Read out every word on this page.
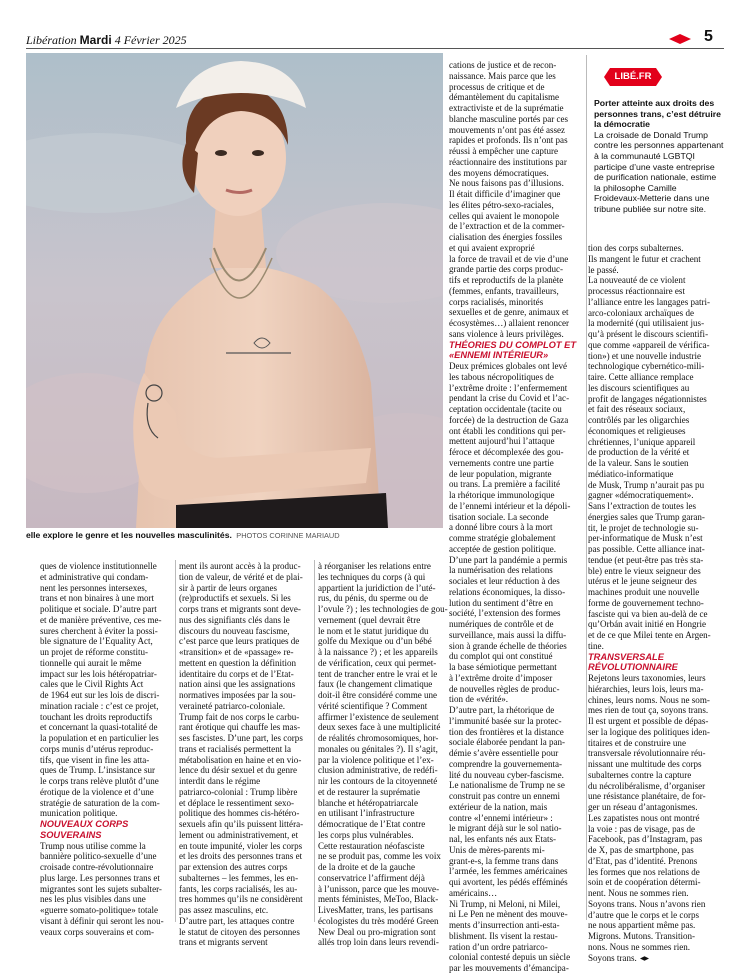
Libération Mardi 4 Février 2025	5
elle explore le genre et les nouvelles masculinités. PHOTOS CORINNE MARIAUD

ques de violence institutionnelle

et administrative qui condam-

nent les personnes intersexes,

trans et non binaires à une mort

politique et sociale. D’autre part

et de manière préventive, ces me-

sures cherchent à éviter la possi-

ble signature de l’Equality Act,

un projet de réforme constitu-

tionnelle qui aurait le même

impact sur les lois hétéropatriar-

cales que le Civil Rights Act

de 1964 eut sur les lois de discri-

mination raciale : c’est ce projet,

touchant les droits reproductifs

et concernant la quasi-totalité de

la population et en particulier les

corps munis d’utérus reproduc-

tifs, que visent in fine les atta-

ques de Trump. L’insistance sur

le corps trans relève plutôt d’une

érotique de la violence et d’une

stratégie de saturation de la com-

munication politique.

NOUVEAUX CORPS SOUVERAINS

Trump nous utilise comme la

bannière politico-sexuelle d’une

croisade contre-révolutionnaire

plus large. Les personnes trans et

migrantes sont les sujets subalter-

nes les plus visibles dans une

«guerre somato-politique» totale

visant à définir qui seront les nou-

veaux corps souverains et com-

ment ils auront accès à la produc-

tion de valeur, de vérité et de plai-

sir à partir de leurs organes

(re)productifs et sexuels. Si les

corps trans et migrants sont deve-

nus des signifiants clés dans le

discours du nouveau fascisme,

c’est parce que leurs pratiques de

«transition» et de «passage» re-

mettent en question la définition

identitaire du corps et de l’Etat-

nation ainsi que les assignations

normatives imposées par la sou-

veraineté patriarco-coloniale.

Trump fait de nos corps le carbu-

rant érotique qui chauffe les mas-

ses fascistes. D’une part, les corps

trans et racialisés permettent la

métabolisation en haine et en vio-

lence du désir sexuel et du genre

interdit dans le régime

patriarco-colonial : Trump libère

et déplace le ressentiment sexo-

politique des hommes cis-hétéro-

sexuels afin qu’ils puissent littéra-

lement ou administrativement, et

en toute impunité, violer les corps

et les droits des personnes trans et

par extension des autres corps

subalternes – les femmes, les en-

fants, les corps racialisés, les au-

tres hommes qu’ils ne considèrent

pas assez masculins, etc.

D’autre part, les attaques contre

le statut de citoyen des personnes

trans et migrants servent

à réorganiser les relations entre

les techniques du corps (à qui

appartient la juridiction de l’uté-

rus, du pénis, du sperme ou de

l’ovule ?) ; les technologies de gou-

vernement (quel devrait être

le nom et le statut juridique du

golfe du Mexique ou d’un bébé

à la naissance ?) ; et les appareils

de vérification, ceux qui permet-

tent de trancher entre le vrai et le

faux (le changement climatique

doit-il être considéré comme une

vérité scientifique ? Comment

affirmer l’existence de seulement

deux sexes face à une multiplicité

de réalités chromosomiques, hor-

monales ou génitales ?). Il s’agit,

par la violence politique et l’ex-

clusion administrative, de redéfi-

nir les contours de la citoyenneté

et de restaurer la suprématie

blanche et hétéropatriarcale

en utilisant l’infrastructure

démocratique de l’Etat contre

les corps plus vulnérables.

Cette restauration néofasciste

ne se produit pas, comme les voix

de la droite et de la gauche

conservatrice l’affirment déjà

à l’unisson, parce que les mouve-

ments féministes, MeToo, Black-

LivesMatter, trans, les partisans

écologistes du très modéré Green

New Deal ou pro-migration sont

allés trop loin dans leurs revendi-

cations de justice et de recon-

naissance. Mais parce que les

processus de critique et de

démantèlement du capitalisme

extractiviste et de la suprématie

blanche masculine portés par ces

mouvements n’ont pas été assez

rapides et profonds. Ils n’ont pas

réussi à empêcher une capture

réactionnaire des institutions par

des moyens démocratiques.

Ne nous faisons pas d’illusions.

Il était difficile d’imaginer que

les élites pétro-sexo-raciales,

celles qui avaient le monopole

de l’extraction et de la commer-

cialisation des énergies fossiles

et qui avaient exproprié

la force de travail et de vie d’une

grande partie des corps produc-

tifs et reproductifs de la planète

(femmes, enfants, travailleurs,

corps racialisés, minorités

sexuelles et de genre, animaux et

écosystèmes…) allaient renoncer

sans violence à leurs privilèges.

THÉORIES DU COMPLOT ET «ENNEMI INTÉRIEUR»

Deux prémices globales ont levé

les tabous nécropolitiques de

l’extrême droite : l’enfermement

pendant la crise du Covid et l’ac-

ceptation occidentale (tacite ou

forcée) de la destruction de Gaza

ont établi les conditions qui per-

mettent aujourd’hui l’attaque

féroce et décomplexée des gou-

vernements contre une partie

de leur population, migrante

ou trans. La première a facilité

la rhétorique immunologique

de l’ennemi intérieur et la dépoli-

tisation sociale. La seconde

a donné libre cours à la mort

comme stratégie globalement

acceptée de gestion politique.

D’une part la pandémie a permis

la numérisation des relations

sociales et leur réduction à des

relations économiques, la disso-

lution du sentiment d’être en

société, l’extension des formes

numériques de contrôle et de

surveillance, mais aussi la diffu-

sion à grande échelle de théories

du complot qui ont constitué

la base sémiotique permettant

à l’extrême droite d’imposer

de nouvelles règles de produc-

tion de «vérité».

D’autre part, la rhétorique de

l’immunité basée sur la protec-

tion des frontières et la distance

sociale élaborée pendant la pan-

démie s’avère essentielle pour

comprendre la gouvernementa-

lité du nouveau cyber-fascisme.

Le nationalisme de Trump ne se

construit pas contre un ennemi

extérieur de la nation, mais

contre «l’ennemi intérieur» :

le migrant déjà sur le sol natio-

nal, les enfants nés aux Etats-

Unis de mères-parents mi-

grant-e-s, la femme trans dans

l’armée, les femmes américaines

qui avortent, les pédés efféminés

américains…

Ni Trump, ni Meloni, ni Milei,

ni Le Pen ne mènent des mouve-

ments d’insurrection anti-esta-

blishment. Ils visent la restau-

ration d’un ordre patriarco-

colonial contesté depuis un siècle

par les mouvements d’émancipa-

tion des corps subalternes.

Ils mangent le futur et crachent

le passé.

La nouveauté de ce violent

processus réactionnaire est

l’alliance entre les langages patri-

arco-coloniaux archaïques de

la modernité (qui utilisaient jus-

qu’à présent le discours scientifi-

que comme «appareil de vérifica-

tion») et une nouvelle industrie

technologique cybernético-mili-

taire. Cette alliance remplace

les discours scientifiques au

profit de langages négationnistes

et fait des réseaux sociaux,

contrôlés par les oligarchies

économiques et religieuses

chrétiennes, l’unique appareil

de production de la vérité et

de la valeur. Sans le soutien

médiatico-informatique

de Musk, Trump n’aurait pas pu

gagner «démocratiquement».

Sans l’extraction de toutes les

énergies sales que Trump garan-

tit, le projet de technologie su-

per-informatique de Musk n’est

pas possible. Cette alliance inat-

tendue (et peut-être pas très sta-

ble) entre le vieux seigneur des

utérus et le jeune seigneur des

machines produit une nouvelle

forme de gouvernement techno-

fasciste qui va bien au-delà de ce

qu’Orbán avait initié en Hongrie

et de ce que Milei tente en Argen-

tine.

TRANSVERSALE RÉVOLUTIONNAIRE

Rejetons leurs taxonomies, leurs

hiérarchies, leurs lois, leurs ma-

chines, leurs noms. Nous ne som-

mes rien de tout ça, soyons trans.

Il est urgent et possible de dépas-

ser la logique des politiques iden-

titaires et de construire une

transversale révolutionnaire réu-

nissant une multitude des corps

subalternes contre la capture

du nécrolibéralisme, d’organiser

une résistance planétaire, de for-

ger un réseau d’antagonismes.

Les zapatistes nous ont montré

la voie : pas de visage, pas de

Facebook, pas d’Instagram, pas

de X, pas de smartphone, pas

d’Etat, pas d’identité. Prenons

les formes que nos relations de

soin et de coopération détermi-

nent. Nous ne sommes rien.

Soyons trans. Nous n’avons rien

d’autre que le corps et le corps

ne nous appartient même pas.

Migrons. Mutons. Transition-

nons. Nous ne sommes rien.

Soyons trans.

LIBÉ.FR

Porter atteinte aux droits des personnes trans, c’est détruire la démocratie

La croisade de Donald Trump contre les personnes appartenant à la communauté LGBTQI participe d’une vaste entreprise de purification nationale, estime la philosophe Camille Froidevaux-Metterie dans une tribune publiée sur notre site.
